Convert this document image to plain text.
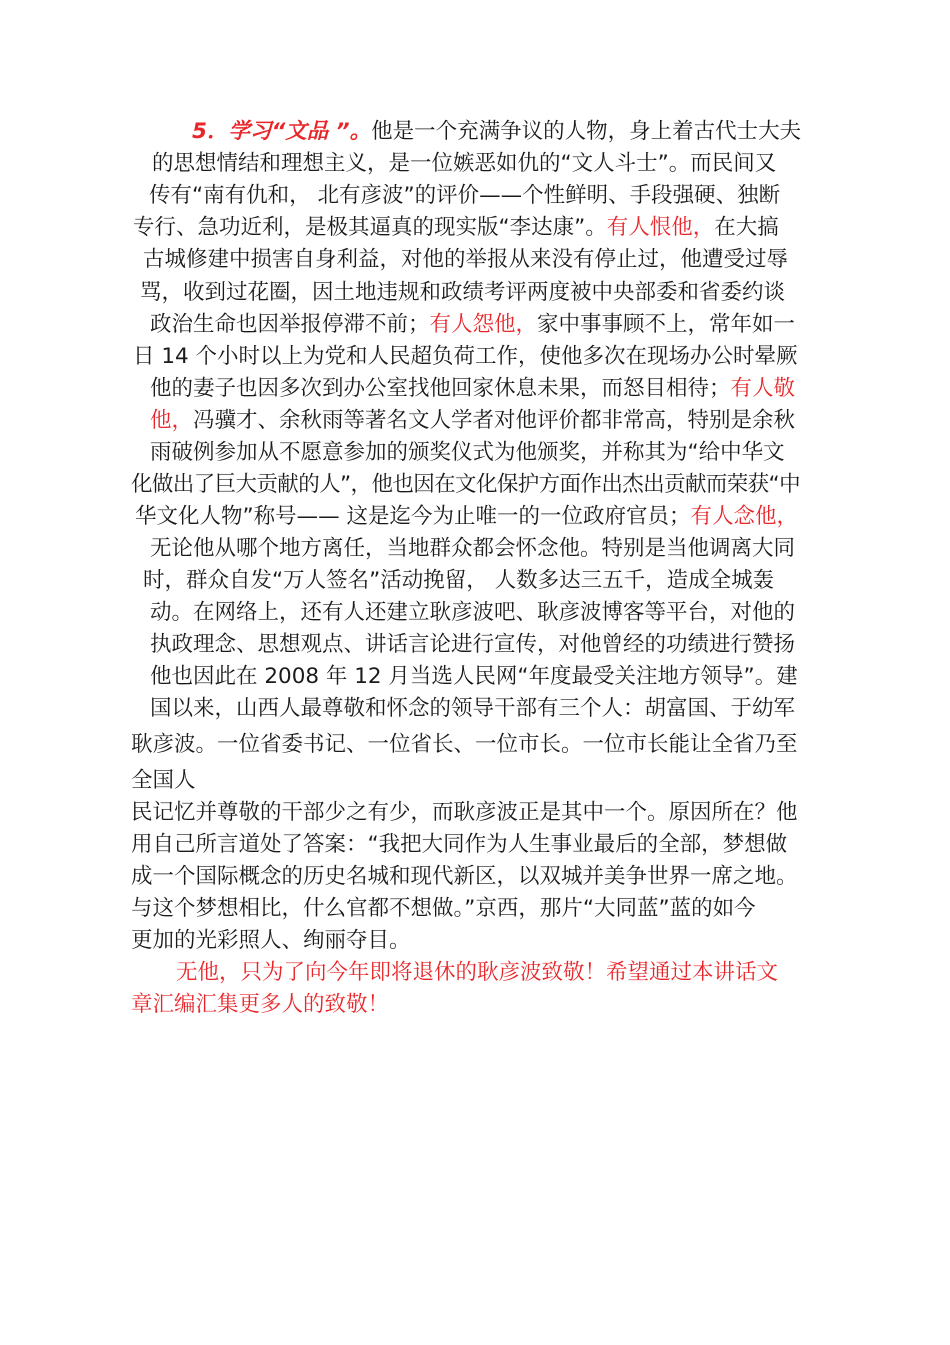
5．学习“文品 ”。他是一个充满争议的人物，身上着古代士大夫
的思想情结和理想主义，是一位嫉恶如仇的“文人斗士”。而民间又
传有“南有仇和， 北有彦波”的评价——个性鲜明、手段强硬、独断
专行、急功近利，是极其逼真的现实版“李达康”。有人恨他，在大搞
古城修建中损害自身利益，对他的举报从来没有停止过，他遭受过辱
骂，收到过花圈，因土地违规和政绩考评两度被中央部委和省委约谈
政治生命也因举报停滞不前；有人怨他，家中事事顾不上，常年如一
日 14 个小时以上为党和人民超负荷工作，使他多次在现场办公时晕厥
他的妻子也因多次到办公室找他回家休息未果，而怒目相待；有人敬
他，冯骥才、余秋雨等著名文人学者对他评价都非常高，特别是余秋
雨破例参加从不愿意参加的颁奖仪式为他颁奖，并称其为“给中华文
化做出了巨大贡献的人”，他也因在文化保护方面作出杰出贡献而荣获“中
华文化人物”称号—— 这是迄今为止唯一的一位政府官员；有人念他，
无论他从哪个地方离任，当地群众都会怀念他。特别是当他调离大同
时，群众自发“万人签名”活动挽留， 人数多达三五千，造成全城轰
动。在网络上，还有人还建立耿彦波吧、耿彦波博客等平台，对他的
执政理念、思想观点、讲话言论进行宣传，对他曾经的功绩进行赞扬
他也因此在 2008 年 12 月当选人民网“年度最受关注地方领导”。建
国以来，山西人最尊敬和怀念的领导干部有三个人：胡富国、于幼军
耿彦波。一位省委书记、一位省长、一位市长。一位市长能让全省乃至
全国人
民记忆并尊敬的干部少之有少，而耿彦波正是其中一个。原因所在？他
用自己所言道处了答案：“我把大同作为人生事业最后的全部，梦想做
成一个国际概念的历史名城和现代新区，以双城并美争世界一席之地。
与这个梦想相比，什么官都不想做。”京西，那片“大同蓝”蓝的如今
更加的光彩照人、绚丽夺目。
无他，只为了向今年即将退休的耿彦波致敬！希望通过本讲话文
章汇编汇集更多人的致敬！
